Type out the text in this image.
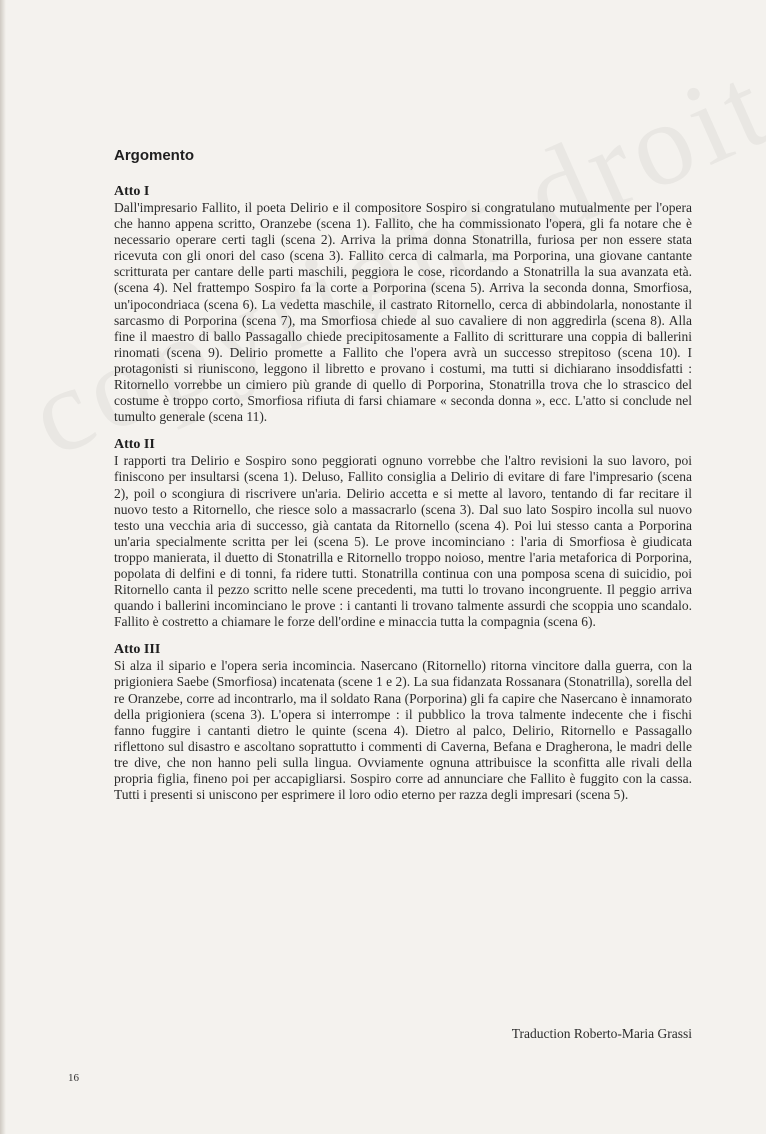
Argomento
Atto I

Dall'impresario Fallito, il poeta Delirio e il compositore Sospiro si congratulano mutualmente per l'opera che hanno appena scritto, Oranzebe (scena 1). Fallito, che ha commissionato l'opera, gli fa notare che è necessario operare certi tagli (scena 2). Arriva la prima donna Stonatrilla, furiosa per non essere stata ricevuta con gli onori del caso (scena 3). Fallito cerca di calmarla, ma Porporina, una giovane cantante scritturata per cantare delle parti maschili, peggiora le cose, ricordando a Stonatrilla la sua avanzata età. (scena 4). Nel frattempo Sospiro fa la corte a Porporina (scena 5). Arriva la seconda donna, Smorfiosa, un'ipocondriaca (scena 6). La vedetta maschile, il castrato Ritornello, cerca di abbindolarla, nonostante il sarcasmo di Porporina (scena 7), ma Smorfiosa chiede al suo cavaliere di non aggredirla (scena 8). Alla fine il maestro di ballo Passagallo chiede precipitosamente a Fallito di scritturare una coppia di ballerini rinomati (scena 9). Delirio promette a Fallito che l'opera avrà un successo strepitoso (scena 10). I protagonisti si riuniscono, leggono il libretto e provano i costumi, ma tutti si dichiarano insoddisfatti : Ritornello vorrebbe un cimiero più grande di quello di Porporina, Stonatrilla trova che lo strascico del costume è troppo corto, Smorfiosa rifiuta di farsi chiamare « seconda donna », ecc. L'atto si conclude nel tumulto generale (scena 11).

Atto II

I rapporti tra Delirio e Sospiro sono peggiorati ognuno vorrebbe che l'altro revisioni la suo lavoro, poi finiscono per insultarsi (scena 1). Deluso, Fallito consiglia a Delirio di evitare di fare l'impresario (scena 2), poil o scongiura di riscrivere un'aria. Delirio accetta e si mette al lavoro, tentando di far recitare il nuovo testo a Ritornello, che riesce solo a massacrarlo (scena 3). Dal suo lato Sospiro incolla sul nuovo testo una vecchia aria di successo, già cantata da Ritornello (scena 4). Poi lui stesso canta a Porporina un'aria specialmente scritta per lei (scena 5). Le prove incominciano : l'aria di Smorfiosa è giudicata troppo manierata, il duetto di Stonatrilla e Ritornello troppo noioso, mentre l'aria metaforica di Porporina, popolata di delfini e di tonni, fa ridere tutti. Stonatrilla continua con una pomposa scena di suicidio, poi Ritornello canta il pezzo scritto nelle scene precedenti, ma tutti lo trovano incongruente. Il peggio arriva quando i ballerini incominciano le prove : i cantanti li trovano talmente assurdi che scoppia uno scandalo. Fallito è costretto a chiamare le forze dell'ordine e minaccia tutta la compagnia (scena 6).

Atto III

Si alza il sipario e l'opera seria incomincia. Nasercano (Ritornello) ritorna vincitore dalla guerra, con la prigioniera Saebe (Smorfiosa) incatenata (scene 1 e 2). La sua fidanzata Rossanara (Stonatrilla), sorella del re Oranzebe, corre ad incontrarlo, ma il soldato Rana (Porporina) gli fa capire che Nasercano è innamorato della prigioniera (scena 3). L'opera si interrompe : il pubblico la trova talmente indecente che i fischi fanno fuggire i cantanti dietro le quinte (scena 4). Dietro al palco, Delirio, Ritornello e Passagallo riflettono sul disastro e ascoltano soprattutto i commenti di Caverna, Befana e Dragherona, le madri delle tre dive, che non hanno peli sulla lingua. Ovviamente ognuna attribuisce la sconfitta alle rivali della propria figlia, fineno poi per accapigliarsi. Sospiro corre ad annunciare che Fallito è fuggito con la cassa. Tutti i presenti si uniscono per esprimere il loro odio eterno per razza degli impresari (scena 5).

Traduction Roberto-Maria Grassi
16
